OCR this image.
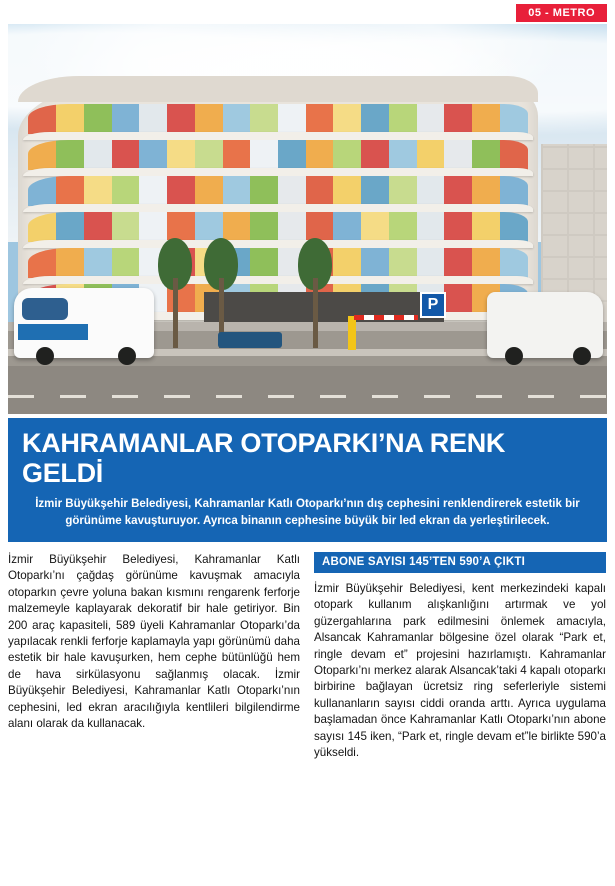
05 - METRO
P
KAHRAMANLAR OTOPARKI’NA RENK GELDİ
İzmir Büyükşehir Belediyesi, Kahramanlar Katlı Otoparkı’nın dış cephesini renklendirerek estetik bir görünüme kavuşturuyor. Ayrıca binanın cephesine büyük bir led ekran da yerleştirilecek.

İzmir Büyükşehir Belediyesi, Kahramanlar Katlı Otoparkı’nı çağdaş görünüme kavuşmak amacıyla otoparkın çevre yoluna bakan kısmını rengarenk ferforje malzemeyle kaplayarak dekoratif bir hale getiriyor. Bin 200 araç kapasiteli, 589 üyeli Kahramanlar Otoparkı’da yapılacak renkli ferforje kaplamayla yapı görünümü daha estetik bir hale kavuşurken, hem cephe bütünlüğü hem de hava sirkülasyonu sağlanmış olacak. İzmir Büyükşehir Belediyesi, Kahramanlar Katlı Otoparkı’nın cephesini, led ekran aracılığıyla kentlileri bilgilendirme alanı olarak da kullanacak.

ABONE SAYISI 145’TEN 590’A ÇIKTI

İzmir Büyükşehir Belediyesi, kent merkezindeki kapalı otopark kullanım alışkanlığını artırmak ve yol güzergahlarına park edilmesini önlemek amacıyla, Alsancak Kahramanlar bölgesine özel olarak “Park et, ringle devam et” projesini hazırlamıştı. Kahramanlar Otoparkı’nı merkez alarak Alsancak’taki 4 kapalı otoparkı birbirine bağlayan ücretsiz ring seferleriyle sistemi kullananların sayısı ciddi oranda arttı. Ayrıca uygulama başlamadan önce Kahramanlar Katlı Otoparkı’nın abone sayısı 145 iken, “Park et, ringle devam et”le birlikte 590’a yükseldi.
